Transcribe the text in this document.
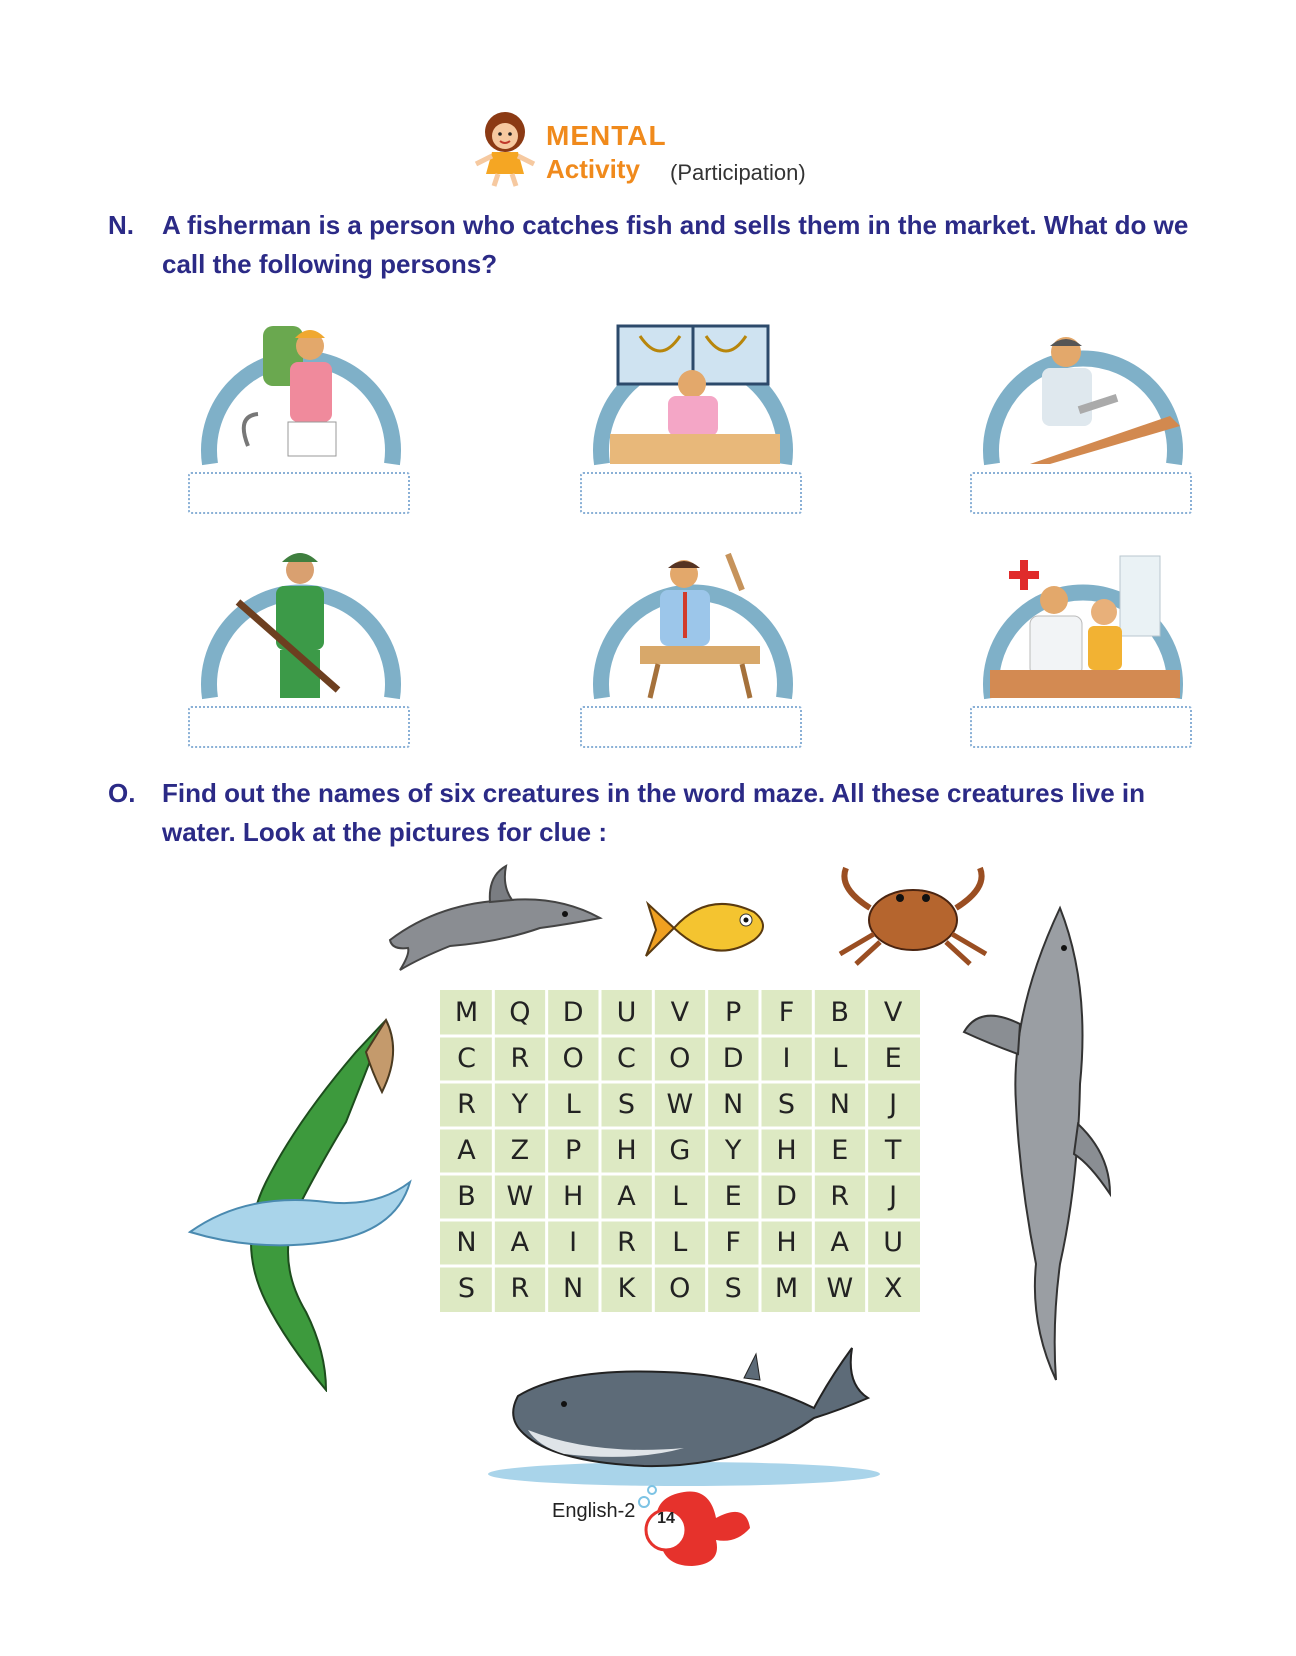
MENTAL
Activity (Participation)
N. A fisherman is a person who catches fish and sells them in the market. What do we call the following persons?
O. Find out the names of six creatures in the word maze. All these creatures live in water. Look at the pictures for clue :
M	Q	D	U	V	P	F	B	V
C	R	O	C	O	D	I	L	E
R	Y	L	S	W	N	S	N	J
A	Z	P	H	G	Y	H	E	T
B	W	H	A	L	E	D	R	J
N	A	I	R	L	F	H	A	U
S	R	N	K	O	S	M	W	X
English-2	14
